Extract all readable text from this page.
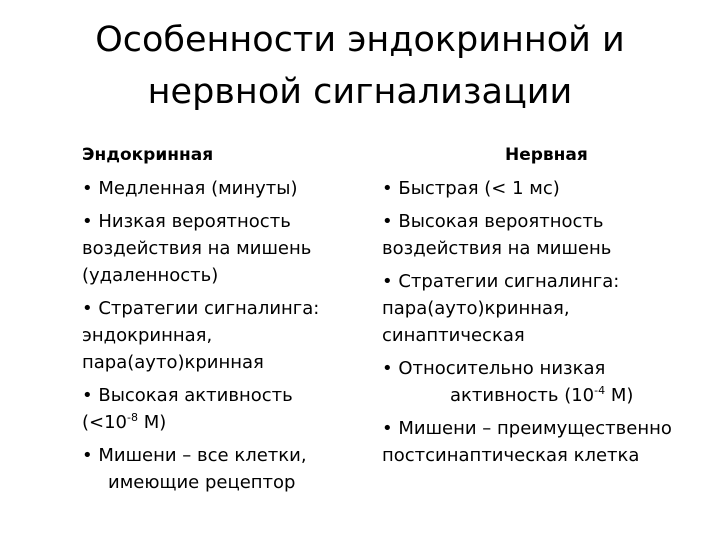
Особенности эндокринной и
нервной сигнализации
Эндокринная	Нервная
• Медленная (минуты)
• Низкая вероятность
воздействия на мишень
(удаленность)
• Стратегии сигналинга:
эндокринная,
пара(ауто)кринная
• Высокая активность
($<10^{-8}$ М)
• Мишени – все клетки,
имеющие рецептор
• Быстрая (< 1 мс)
• Высокая вероятность
воздействия на мишень
• Стратегии сигналинга:
пара(ауто)кринная,
синаптическая
• Относительно низкая
активность ($10^{-4}$ М)
• Мишени – преимущественно
постсинаптическая клетка
